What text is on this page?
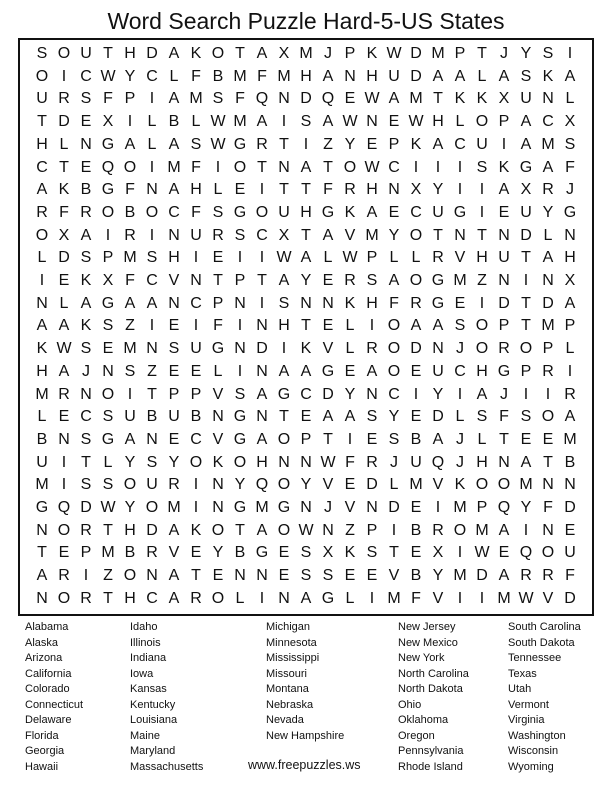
Word Search Puzzle Hard-5-US States
S O U T H D A K O T A X M J P K W D M P T J Y S I
O I C W Y C L F B M F M H A N H U D A A L A S K A
U R S F P I A M S F Q N D Q E W A M T K K X U N L
T D E X I L B L W M A I S A W N E W H L O P A C X
H L N G A L A S W G R T I Z Y E P K A C U I A M S
C T E Q O I M F I O T N A T O W C I	I	I S K G A F
A K B G F N A H L E I T T F R H N X Y I	I A X R J
R F R O B O C F S G O U H G K A E C U G I E U Y G
O X A I R I N U R S C X T A V M Y O T N T N D L N
L D S P M S H I E I	I W A L W P L L R V H U T A H
I E K X F C V N T P T A Y E R S A O G M Z N I N X
N L A G A A N C P N I S N N K H F R G E I D T D A
A A K S Z I E I F I N H T E L I O A A S O P T M P
K W S E M N S U G N D I K V L R O D N J O R O P L
H A J N S Z E E L I N A A G E A O E U C H G P R I
M R N O I T P P V S A G C D Y N C I Y I A J I	I R
L E C S U B U B N G N T E A A S Y E D L S F S O A
B N S G A N E C V G A O P T I E S B A J L T E E M
U I T L Y S Y O K O H N N W F R J U Q J H N A T B
M I S S O U R I N Y Q O Y V E D L M V K O O M N N
G Q D W Y O M I N G M G N J V N D E I M P Q Y F D
N O R T H D A K O T A O W N Z P I B R O M A I N E
T E P M B R V E Y B G E S X K S T E X I W E Q O U
A R I Z O N A T E N N E S S E E V B Y M D A R R F
N O R T H C A R O L I N A G L I M F V I	I M W V D
Alabama
Alaska
Arizona
California
Colorado
Connecticut
Delaware
Florida
Georgia
Hawaii
Idaho
Illinois
Indiana
Iowa
Kansas
Kentucky
Louisiana
Maine
Maryland
Massachusetts
Michigan
Minnesota
Mississippi
Missouri
Montana
Nebraska
Nevada
New Hampshire
New Jersey
New Mexico
New York
North Carolina
North Dakota
Ohio
Oklahoma
Oregon
Pennsylvania
Rhode Island
South Carolina
South Dakota
Tennessee
Texas
Utah
Vermont
Virginia
Washington
Wisconsin
Wyoming
www.freepuzzles.ws
